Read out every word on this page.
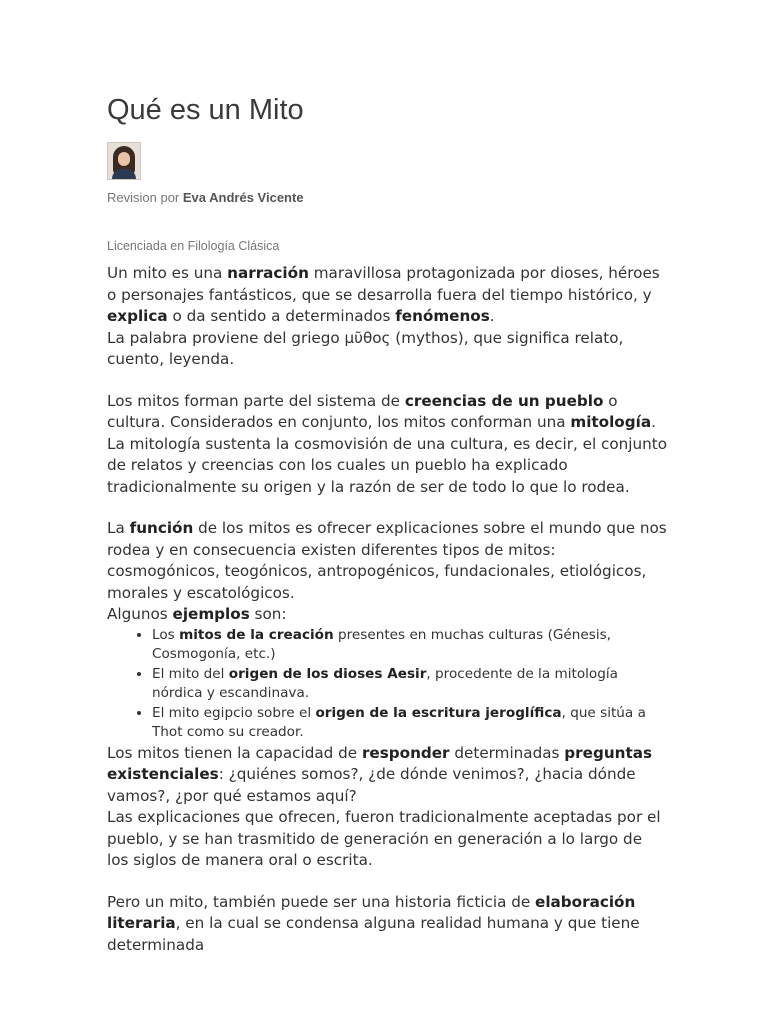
Qué es un Mito
Revision por Eva Andrés Vicente
Licenciada en Filología Clásica

Un mito es una narración maravillosa protagonizada por dioses, héroes o personajes fantásticos, que se desarrolla fuera del tiempo histórico, y explica o da sentido a determinados fenómenos.
La palabra proviene del griego μῦθος (mythos), que significa relato, cuento, leyenda.

Los mitos forman parte del sistema de creencias de un pueblo o cultura. Considerados en conjunto, los mitos conforman una mitología.
La mitología sustenta la cosmovisión de una cultura, es decir, el conjunto de relatos y creencias con los cuales un pueblo ha explicado tradicionalmente su origen y la razón de ser de todo lo que lo rodea.

La función de los mitos es ofrecer explicaciones sobre el mundo que nos rodea y en consecuencia existen diferentes tipos de mitos: cosmogónicos, teogónicos, antropogénicos, fundacionales, etiológicos, morales y escatológicos.
Algunos ejemplos son:

• Los mitos de la creación presentes en muchas culturas (Génesis, Cosmogonía, etc.)
• El mito del origen de los dioses Aesir, procedente de la mitología nórdica y escandinava.
• El mito egipcio sobre el origen de la escritura jeroglífica, que sitúa a Thot como su creador.

Los mitos tienen la capacidad de responder determinadas preguntas existenciales: ¿quiénes somos?, ¿de dónde venimos?, ¿hacia dónde vamos?, ¿por qué estamos aquí?
Las explicaciones que ofrecen, fueron tradicionalmente aceptadas por el pueblo, y se han trasmitido de generación en generación a lo largo de los siglos de manera oral o escrita.

Pero un mito, también puede ser una historia ficticia de elaboración literaria, en la cual se condensa alguna realidad humana y que tiene determinada
